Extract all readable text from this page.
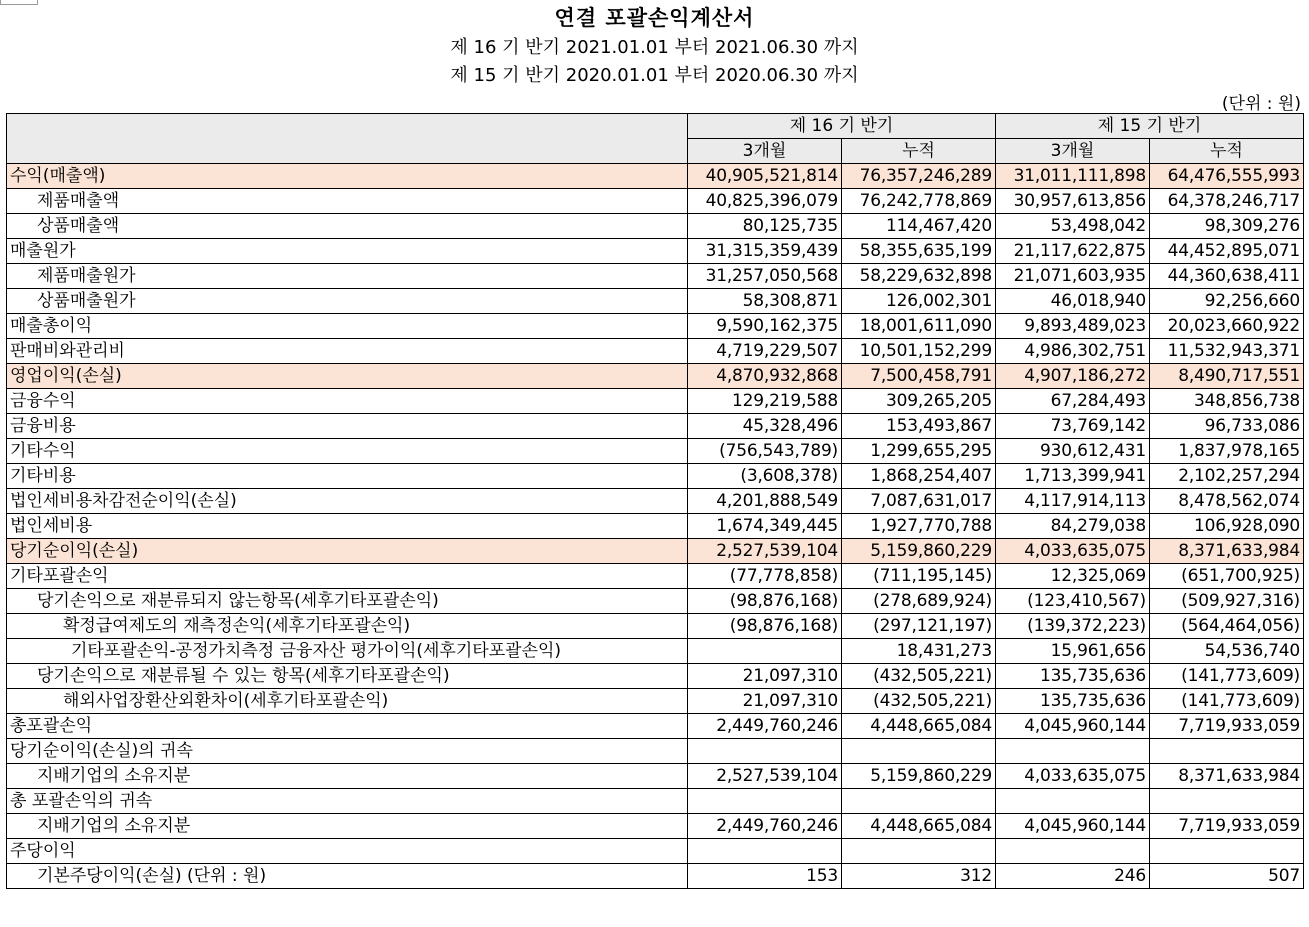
연결 포괄손익계산서
제 16 기 반기 2021.01.01 부터 2021.06.30 까지
제 15 기 반기 2020.01.01 부터 2020.06.30 까지
(단위 : 원)
	제 16 기 반기		제 15 기 반기	
	3개월	누적	3개월	누적
수익(매출액)	40,905,521,814	76,357,246,289	31,011,111,898	64,476,555,993
제품매출액	40,825,396,079	76,242,778,869	30,957,613,856	64,378,246,717
상품매출액	80,125,735	114,467,420	53,498,042	98,309,276
매출원가	31,315,359,439	58,355,635,199	21,117,622,875	44,452,895,071
제품매출원가	31,257,050,568	58,229,632,898	21,071,603,935	44,360,638,411
상품매출원가	58,308,871	126,002,301	46,018,940	92,256,660
매출총이익	9,590,162,375	18,001,611,090	9,893,489,023	20,023,660,922
판매비와관리비	4,719,229,507	10,501,152,299	4,986,302,751	11,532,943,371
영업이익(손실)	4,870,932,868	7,500,458,791	4,907,186,272	8,490,717,551
금융수익	129,219,588	309,265,205	67,284,493	348,856,738
금융비용	45,328,496	153,493,867	73,769,142	96,733,086
기타수익	(756,543,789)	1,299,655,295	930,612,431	1,837,978,165
기타비용	(3,608,378)	1,868,254,407	1,713,399,941	2,102,257,294
법인세비용차감전순이익(손실)	4,201,888,549	7,087,631,017	4,117,914,113	8,478,562,074
법인세비용	1,674,349,445	1,927,770,788	84,279,038	106,928,090
당기순이익(손실)	2,527,539,104	5,159,860,229	4,033,635,075	8,371,633,984
기타포괄손익	(77,778,858)	(711,195,145)	12,325,069	(651,700,925)
당기손익으로 재분류되지 않는항목(세후기타포괄손익)	(98,876,168)	(278,689,924)	(123,410,567)	(509,927,316)
확정급여제도의 재측정손익(세후기타포괄손익)	(98,876,168)	(297,121,197)	(139,372,223)	(564,464,056)
기타포괄손익-공정가치측정 금융자산 평가이익(세후기타포괄손익)		18,431,273	15,961,656	54,536,740
당기손익으로 재분류될 수 있는 항목(세후기타포괄손익)	21,097,310	(432,505,221)	135,735,636	(141,773,609)
해외사업장환산외환차이(세후기타포괄손익)	21,097,310	(432,505,221)	135,735,636	(141,773,609)
총포괄손익	2,449,760,246	4,448,665,084	4,045,960,144	7,719,933,059
당기순이익(손실)의 귀속				
지배기업의 소유지분	2,527,539,104	5,159,860,229	4,033,635,075	8,371,633,984
총 포괄손익의 귀속				
지배기업의 소유지분	2,449,760,246	4,448,665,084	4,045,960,144	7,719,933,059
주당이익				
기본주당이익(손실) (단위 : 원)	153	312	246	507
